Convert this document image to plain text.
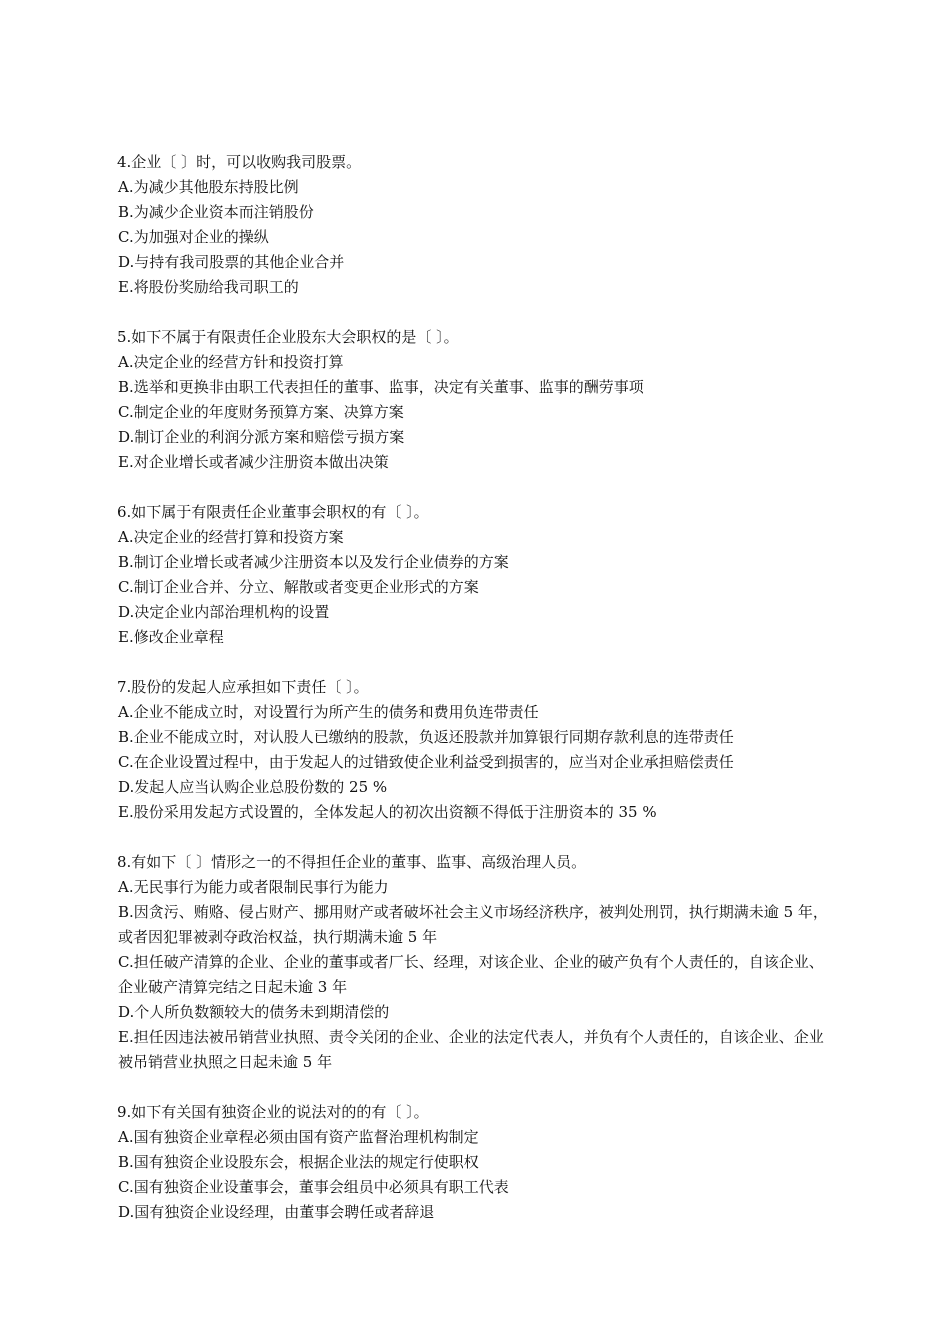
4.企业〔 〕时，可以收购我司股票。
A.为减少其他股东持股比例
B.为减少企业资本而注销股份
C.为加强对企业的操纵
D.与持有我司股票的其他企业合并
E.将股份奖励给我司职工的
5.如下不属于有限责任企业股东大会职权的是〔 〕。
A.决定企业的经营方针和投资打算
B.选举和更换非由职工代表担任的董事、监事，决定有关董事、监事的酬劳事项
C.制定企业的年度财务预算方案、决算方案
D.制订企业的利润分派方案和赔偿亏损方案
E.对企业增长或者减少注册资本做出决策
6.如下属于有限责任企业董事会职权的有〔 〕。
A.决定企业的经营打算和投资方案
B.制订企业增长或者减少注册资本以及发行企业债券的方案
C.制订企业合并、分立、解散或者变更企业形式的方案
D.决定企业内部治理机构的设置
E.修改企业章程
7.股份的发起人应承担如下责任〔 〕。
A.企业不能成立时，对设置行为所产生的债务和费用负连带责任
B.企业不能成立时，对认股人已缴纳的股款，负返还股款并加算银行同期存款利息的连带责任
C.在企业设置过程中，由于发起人的过错致使企业利益受到损害的，应当对企业承担赔偿责任
D.发起人应当认购企业总股份数的 25 %
E.股份采用发起方式设置的，全体发起人的初次出资额不得低于注册资本的 35 %
8.有如下〔 〕情形之一的不得担任企业的董事、监事、高级治理人员。
A.无民事行为能力或者限制民事行为能力
B.因贪污、贿赂、侵占财产、挪用财产或者破坏社会主义市场经济秩序，被判处刑罚，执行期满未逾 5 年，或者因犯罪被剥夺政治权益，执行期满未逾 5 年
C.担任破产清算的企业、企业的董事或者厂长、经理，对该企业、企业的破产负有个人责任的，自该企业、企业破产清算完结之日起未逾 3 年
D.个人所负数额较大的债务未到期清偿的
E.担任因违法被吊销营业执照、责令关闭的企业、企业的法定代表人，并负有个人责任的，自该企业、企业被吊销营业执照之日起未逾 5 年
9.如下有关国有独资企业的说法对的的有〔 〕。
A.国有独资企业章程必须由国有资产监督治理机构制定
B.国有独资企业设股东会，根据企业法的规定行使职权
C.国有独资企业设董事会，董事会组员中必须具有职工代表
D.国有独资企业设经理，由董事会聘任或者辞退
